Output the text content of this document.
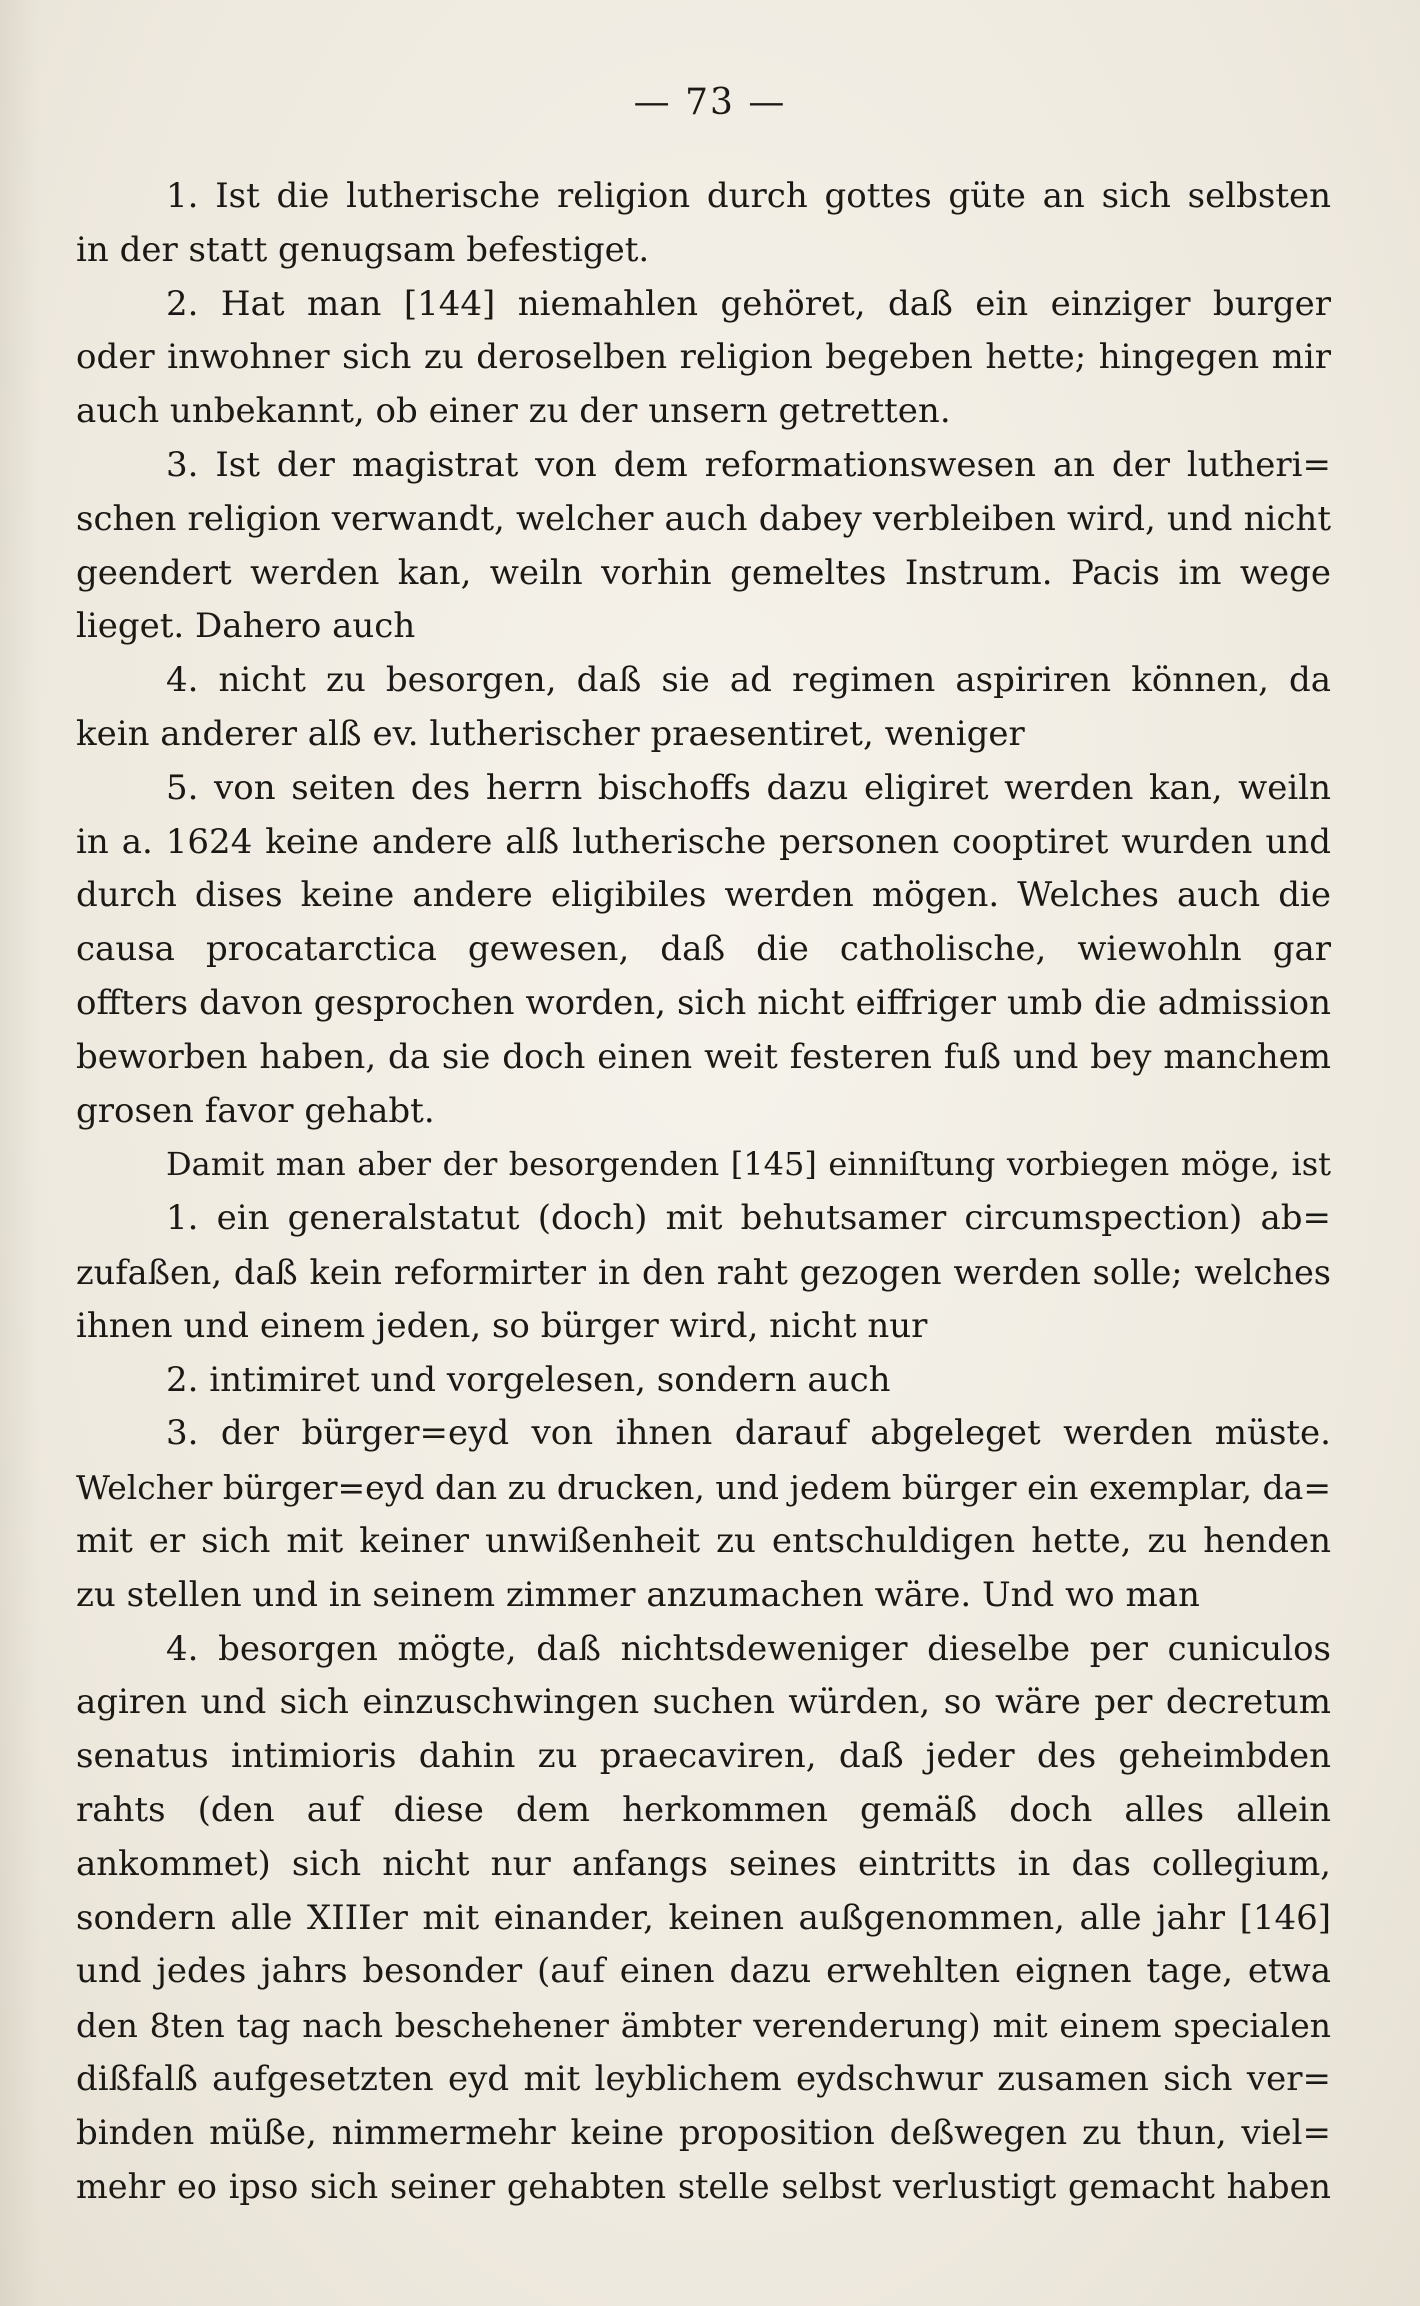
— 73 —
1. Ist die lutherische religion durch gottes güte an sich selbsten
in der statt genugsam befestiget.
2. Hat man [144] niemahlen gehöret, daß ein einziger burger
oder inwohner sich zu deroselben religion begeben hette; hingegen mir
auch unbekannt, ob einer zu der unsern getretten.
3. Ist der magistrat von dem reformationswesen an der lutheri=
schen religion verwandt, welcher auch dabey verbleiben wird, und nicht
geendert werden kan, weiln vorhin gemeltes Instrum. Pacis im wege
lieget. Dahero auch
4. nicht zu besorgen, daß sie ad regimen aspiriren können, da
kein anderer alß ev. lutherischer praesentiret, weniger
5. von seiten des herrn bischoffs dazu eligiret werden kan, weiln
in a. 1624 keine andere alß lutherische personen cooptiret wurden und
durch dises keine andere eligibiles werden mögen. Welches auch die
causa procatarctica gewesen, daß die catholische, wiewohln gar
offters davon gesprochen worden, sich nicht eiffriger umb die admission
beworben haben, da sie doch einen weit festeren fuß und bey manchem
grosen favor gehabt.
Damit man aber der besorgenden [145] einniſtung vorbiegen möge, ist
1. ein generalstatut (doch) mit behutsamer circumspection) ab=
zufaßen, daß kein reformirter in den raht gezogen werden solle; welches
ihnen und einem jeden, so bürger wird, nicht nur
2. intimiret und vorgelesen, sondern auch
3. der bürger=eyd von ihnen darauf abgeleget werden müste.
Welcher bürger=eyd dan zu drucken, und jedem bürger ein exemplar, da=
mit er sich mit keiner unwißenheit zu entschuldigen hette, zu henden
zu stellen und in seinem zimmer anzumachen wäre. Und wo man
4. besorgen mögte, daß nichtsdeweniger dieselbe per cuniculos
agiren und sich einzuschwingen suchen würden, so wäre per decretum
senatus intimioris dahin zu praecaviren, daß jeder des geheimbden
rahts (den auf diese dem herkommen gemäß doch alles allein
ankommet) sich nicht nur anfangs seines eintritts in das collegium,
sondern alle XIIIer mit einander, keinen außgenommen, alle jahr [146]
und jedes jahrs besonder (auf einen dazu erwehlten eignen tage, etwa
den 8ten tag nach beschehener ämbter verenderung) mit einem specialen
dißfalß aufgesetzten eyd mit leyblichem eydschwur zusamen sich ver=
binden müße, nimmermehr keine proposition deßwegen zu thun, viel=
mehr eo ipso sich seiner gehabten stelle selbst verlustigt gemacht haben
